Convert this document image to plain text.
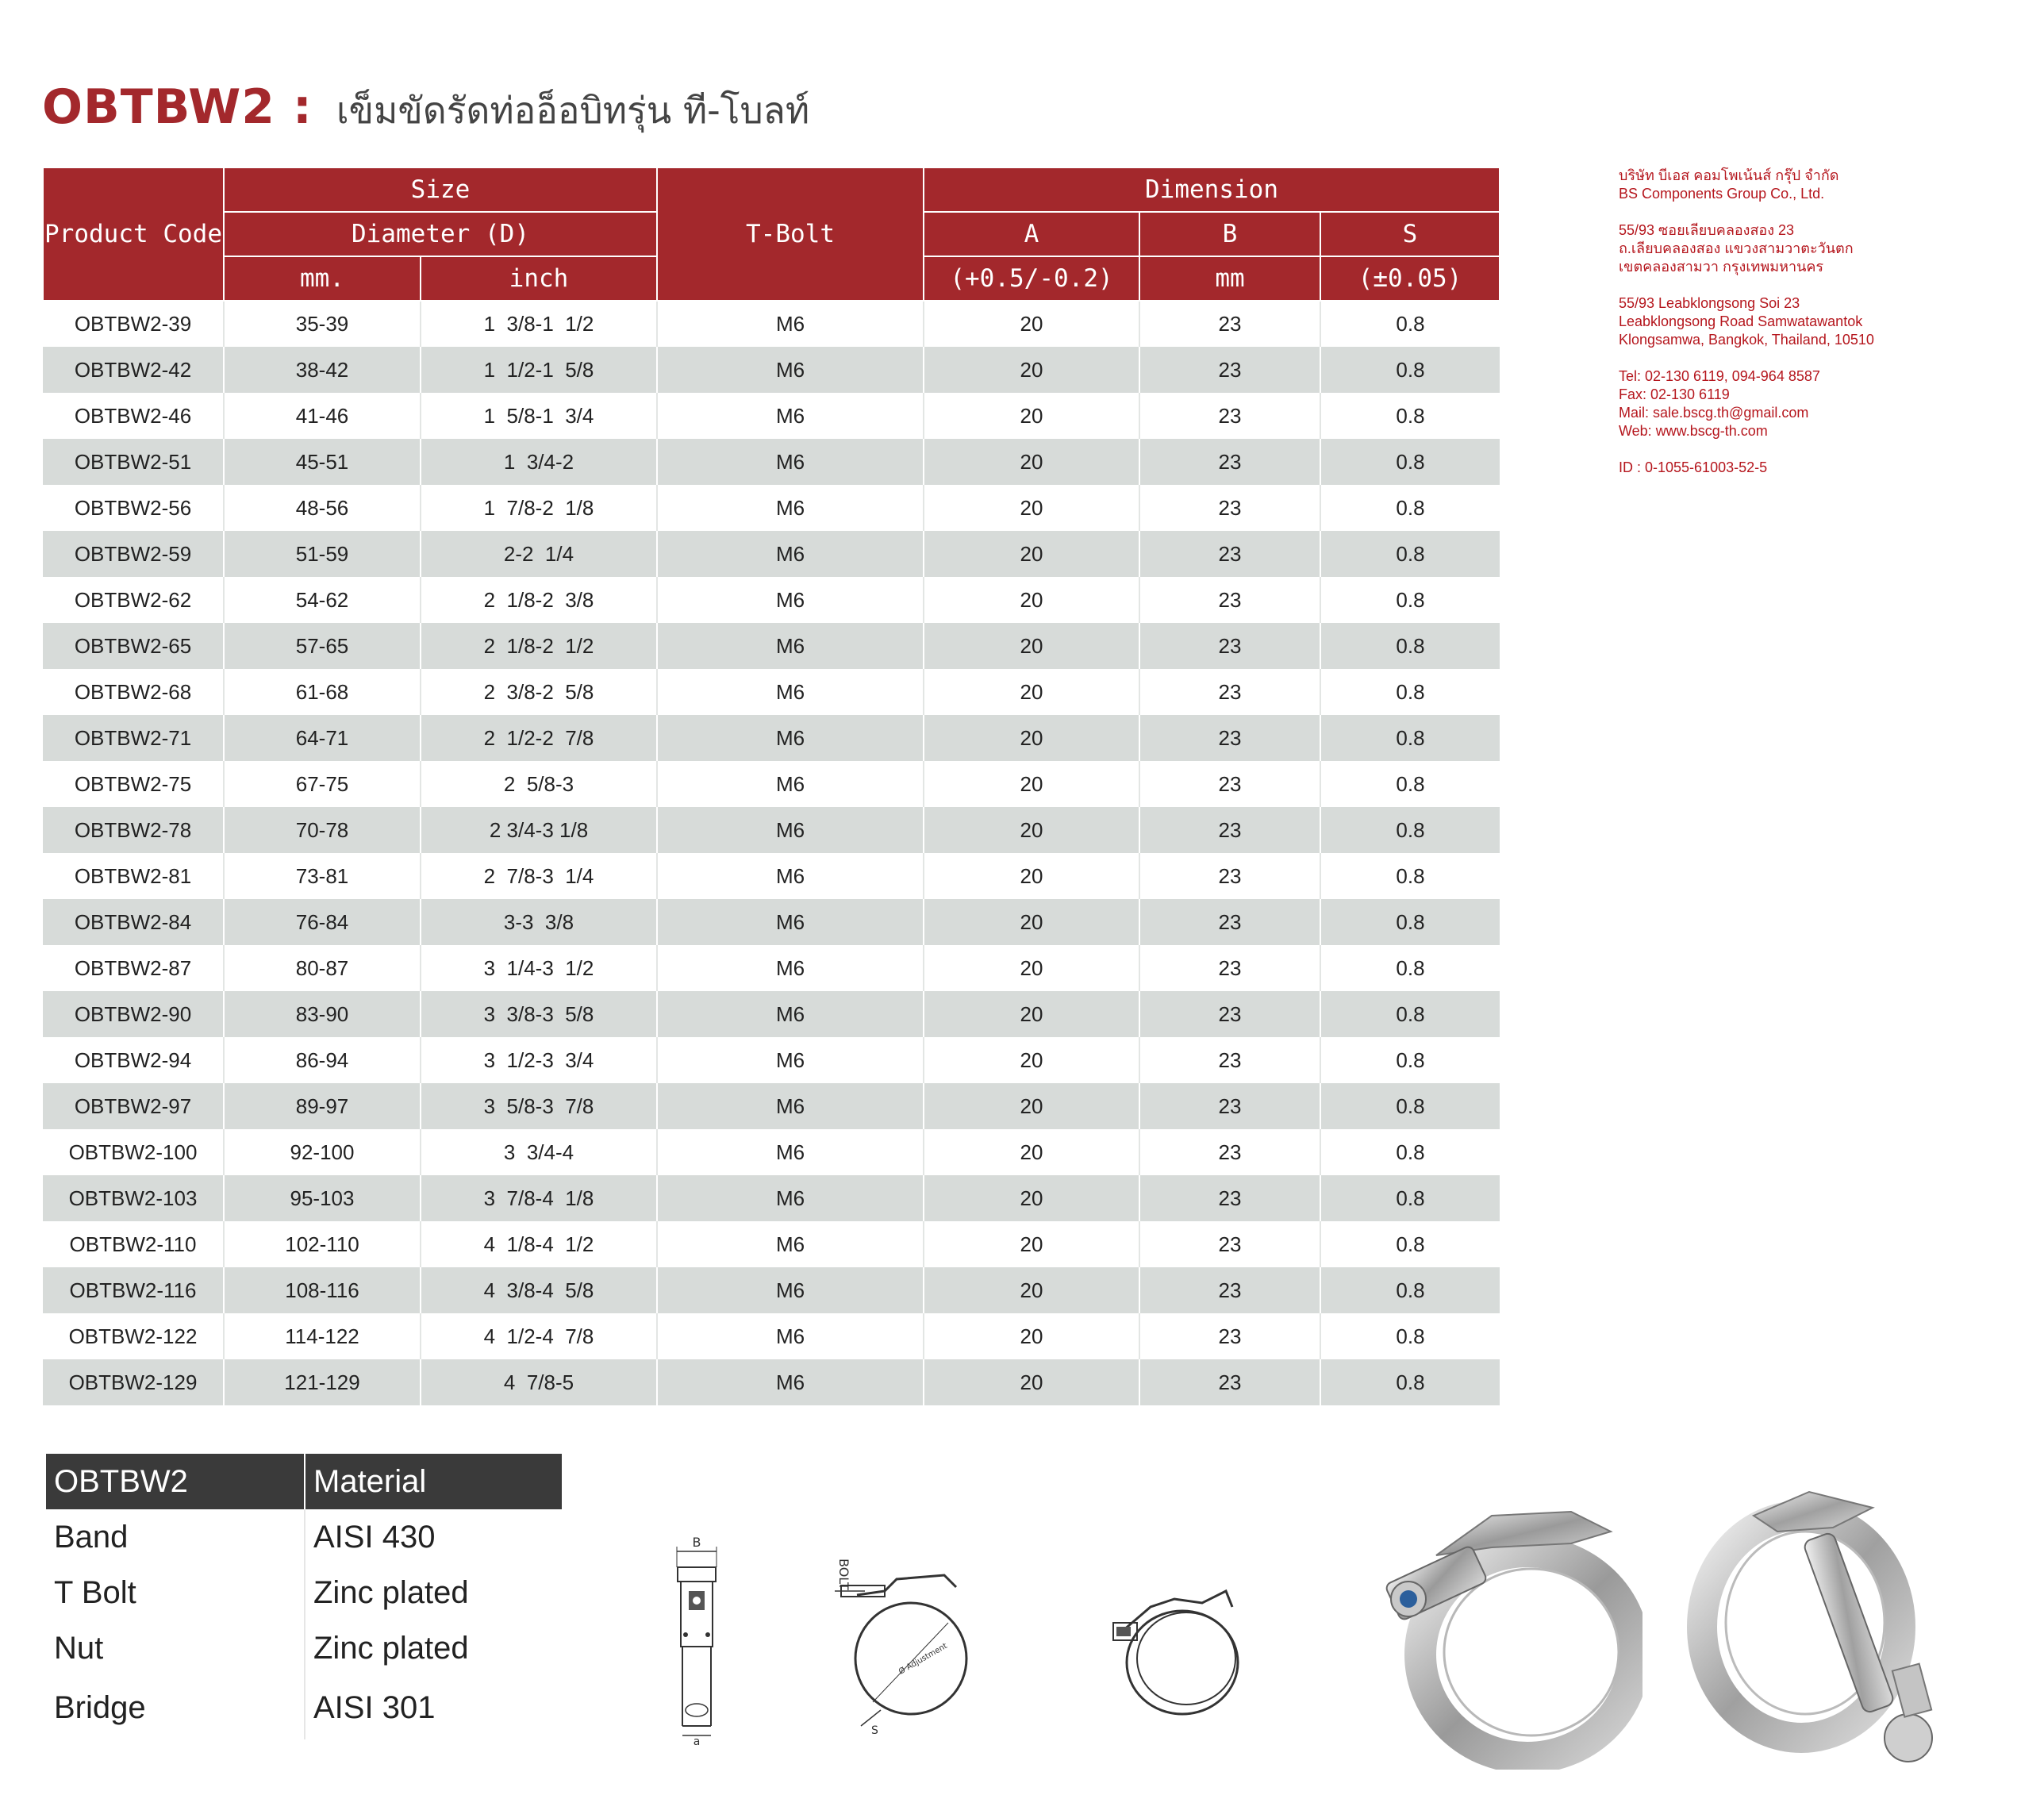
OBTBW2 : เข็มขัดรัดท่ออ็อบิทรุ่น ที-โบลท์
Product Code	Size		T-Bolt	Dimension		
	Diameter (D)			A	B	S
	mm.	inch		(+0.5/-0.2)	mm	(±0.05)
OBTBW2-39	35-39	1  3/8-1  1/2	M6	20	23	0.8
OBTBW2-42	38-42	1  1/2-1  5/8	M6	20	23	0.8
OBTBW2-46	41-46	1  5/8-1  3/4	M6	20	23	0.8
OBTBW2-51	45-51	1  3/4-2	M6	20	23	0.8
OBTBW2-56	48-56	1  7/8-2  1/8	M6	20	23	0.8
OBTBW2-59	51-59	2-2  1/4	M6	20	23	0.8
OBTBW2-62	54-62	2  1/8-2  3/8	M6	20	23	0.8
OBTBW2-65	57-65	2  1/8-2  1/2	M6	20	23	0.8
OBTBW2-68	61-68	2  3/8-2  5/8	M6	20	23	0.8
OBTBW2-71	64-71	2  1/2-2  7/8	M6	20	23	0.8
OBTBW2-75	67-75	2  5/8-3	M6	20	23	0.8
OBTBW2-78	70-78	2 3/4-3 1/8	M6	20	23	0.8
OBTBW2-81	73-81	2  7/8-3  1/4	M6	20	23	0.8
OBTBW2-84	76-84	3-3  3/8	M6	20	23	0.8
OBTBW2-87	80-87	3  1/4-3  1/2	M6	20	23	0.8
OBTBW2-90	83-90	3  3/8-3  5/8	M6	20	23	0.8
OBTBW2-94	86-94	3  1/2-3  3/4	M6	20	23	0.8
OBTBW2-97	89-97	3  5/8-3  7/8	M6	20	23	0.8
OBTBW2-100	92-100	3  3/4-4	M6	20	23	0.8
OBTBW2-103	95-103	3  7/8-4  1/8	M6	20	23	0.8
OBTBW2-110	102-110	4  1/8-4  1/2	M6	20	23	0.8
OBTBW2-116	108-116	4  3/8-4  5/8	M6	20	23	0.8
OBTBW2-122	114-122	4  1/2-4  7/8	M6	20	23	0.8
OBTBW2-129	121-129	4  7/8-5	M6	20	23	0.8
บริษัท บีเอส คอมโพเน้นส์ กรุ๊ป จำกัด
BS Components Group Co., Ltd.
55/93 ซอยเลียบคลองสอง 23
ถ.เลียบคลองสอง แขวงสามวาตะวันตก
เขตคลองสามวา กรุงเทพมหานคร
55/93 Leabklongsong Soi 23
Leabklongsong Road Samwatawantok
Klongsamwa, Bangkok, Thailand, 10510
Tel: 02-130 6119, 094-964 8587
Fax: 02-130 6119
Mail: sale.bscg.th@gmail.com
Web: www.bscg-th.com
ID : 0-1055-61003-52-5
OBTBW2	Material
Band	AISI 430
T Bolt	Zinc plated
Nut	Zinc plated
Bridge	AISI 301
B
a
BOLT
Ø Adjustment
S
